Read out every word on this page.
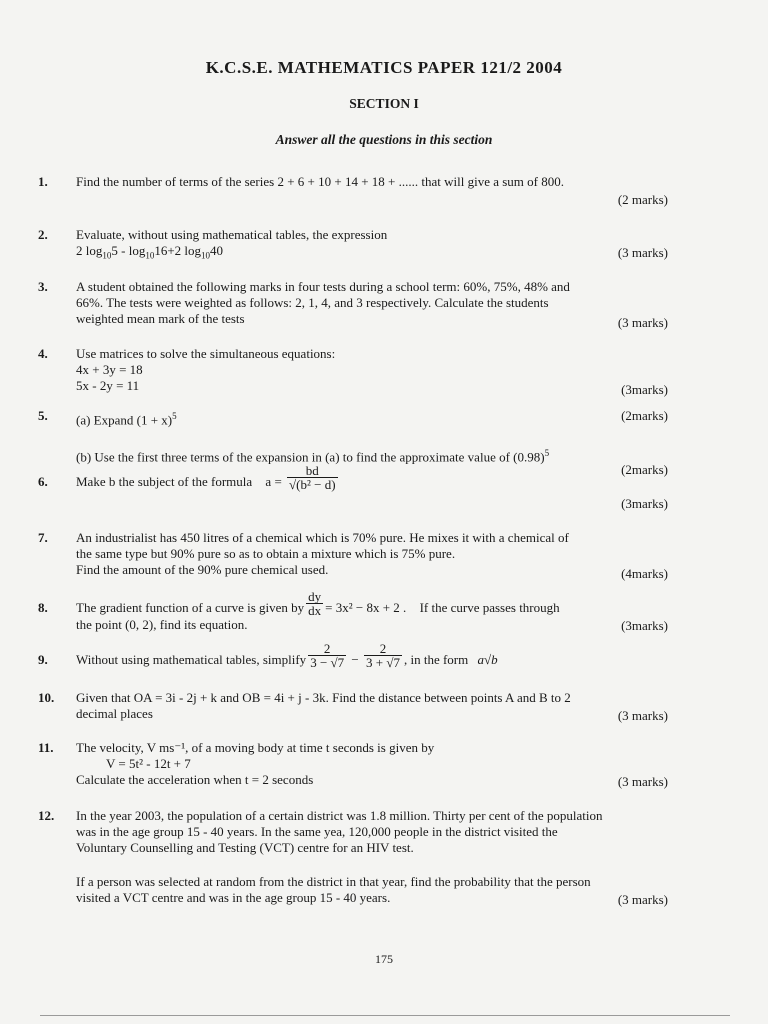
K.C.S.E. MATHEMATICS PAPER 121/2 2004
SECTION I
Answer all the questions in this section
1.	Find the number of terms of the series 2 + 6 + 10 + 14 + 18 + ...... that will give a sum of 800.
(2 marks)
2.	Evaluate, without using mathematical tables, the expression
2 $\log_{10}5 - \log_{10}16+2$ $\log_{10}40$	(3 marks)
3.	A student obtained the following marks in four tests during a school term: 60%, 75%, 48% and
66%. The tests were weighted as follows: 2, 1, 4, and 3 respectively. Calculate the students
weighted mean mark of the tests	(3 marks)
4.	Use matrices to solve the simultaneous equations:
4x + 3y = 18
5x - 2y = 11	(3marks)
5.	(a) Expand $(1 + x)^5$
(b) Use the first three terms of the expansion in (a) to find the approximate value of $(0.98)^5$
(2marks)
(2marks)
6.	Make b the subject of the formula $a = \frac{bd}{\text{√(b² − d)}}$
(3marks)
7.	An industrialist has 450 litres of a chemical which is 70% pure. He mixes it with a chemical of
the same type but 90% pure so as to obtain a mixture which is 75% pure.
Find the amount of the 90% pure chemical used.	(4marks)
8.	The gradient function of a curve is given by $\frac{dy}{dx} = 3x^2 - 8x + 2$ . If the curve passes through
the point (0, 2), find its equation.	(3marks)
9.	Without using mathematical tables, simplify $\frac{2}{3 - √7} - \frac{2}{3 + √7}$ , in the form a√b
10.	Given that OA = 3i - 2j + k and OB = 4i + j - 3k. Find the distance between points A and B to 2
decimal places	(3 marks)
11.	The velocity, V ms⁻¹, of a moving body at time t seconds is given by
V = 5t² - 12t + 7
Calculate the acceleration when t = 2 seconds	(3 marks)
12.	In the year 2003, the population of a certain district was 1.8 million. Thirty per cent of the population
was in the age group 15 - 40 years. In the same yea, 120,000 people in the district visited the
Voluntary Counselling and Testing (VCT) centre for an HIV test.
If a person was selected at random from the district in that year, find the probability that the person
visited a VCT centre and was in the age group 15 - 40 years.	(3 marks)
175
